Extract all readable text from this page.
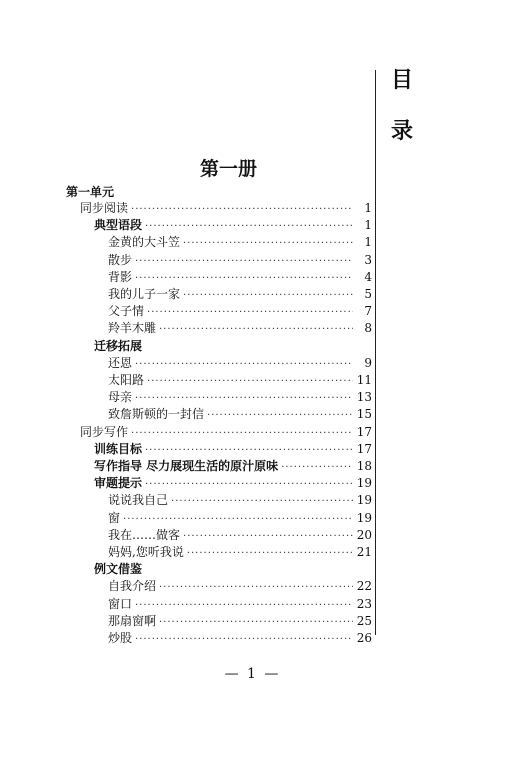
目
录
第一册
第一单元
同步阅读 ·····	1
典型语段 ·····	1
金黄的大斗笠 ·····	1
散步 ·····	3
背影 ·····	4
我的儿子一家 ·····	5
父子情 ·····	7
羚羊木雕 ·····	8
迁移拓展
还恩 ·····	9
太阳路 ·····	11
母亲 ·····	13
致詹斯顿的一封信 ·····	15
同步写作 ·····	17
训练目标 ·····	17
写作指导 尽力展现生活的原汁原味 ·····	18
审题提示 ·····	19
说说我自己 ·····	19
窗 ·····	19
我在……做客 ·····	20
妈妈,您听我说 ·····	21
例文借鉴
自我介绍 ·····	22
窗口 ·····	23
那扇窗啊 ·····	25
炒股 ·····	26
— 1 —
